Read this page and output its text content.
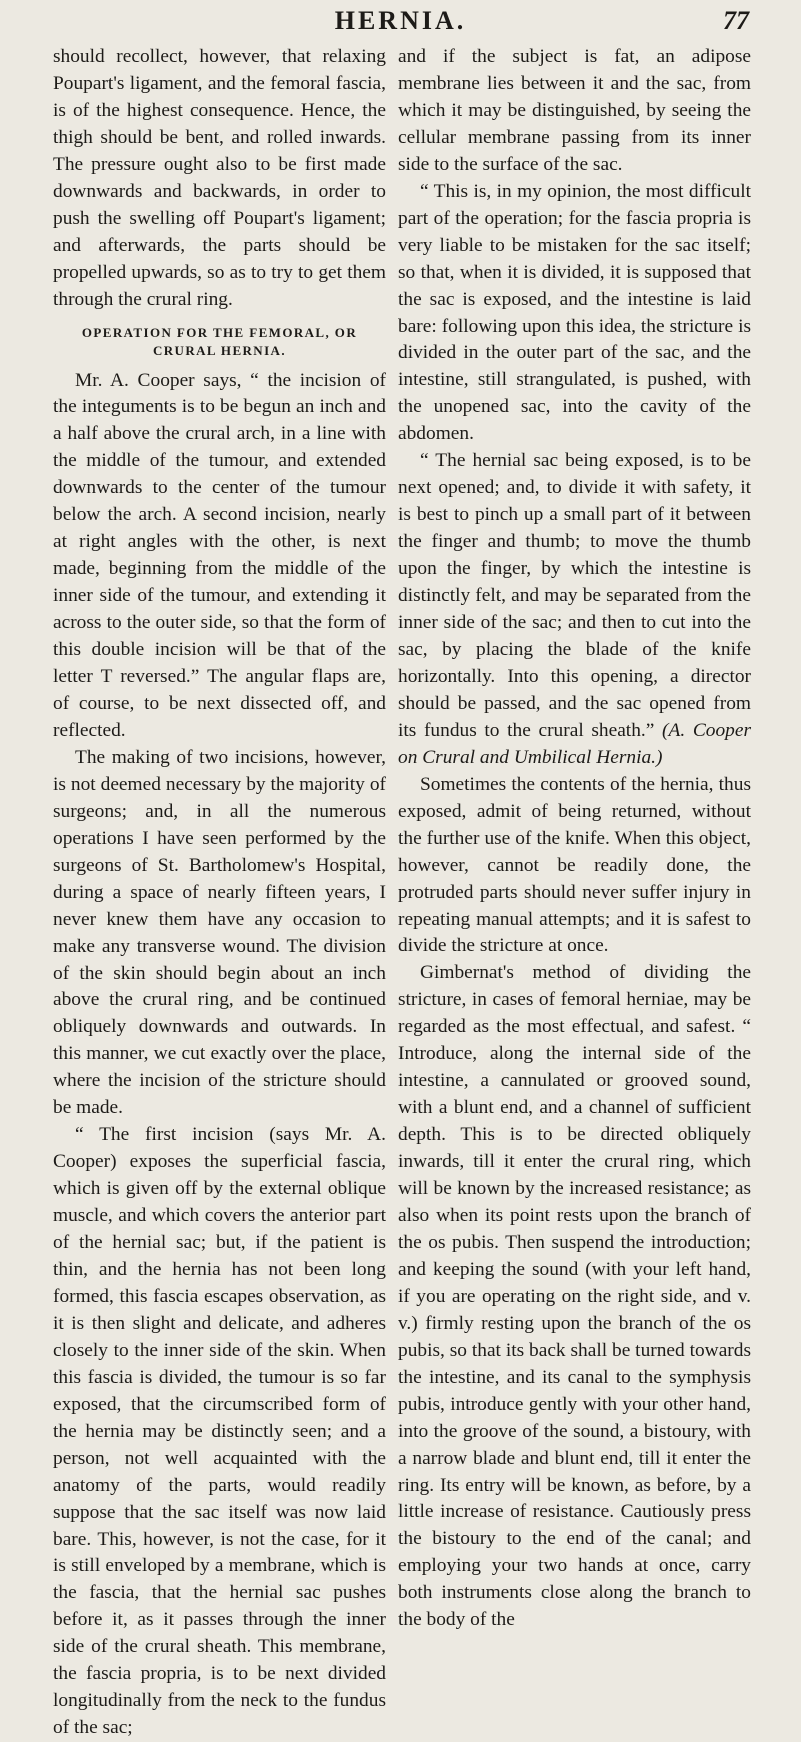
HERNIA.	77

should recollect, however, that relaxing Poupart's ligament, and the femoral fascia, is of the highest consequence. Hence, the thigh should be bent, and rolled inwards. The pressure ought also to be first made downwards and backwards, in order to push the swelling off Poupart's ligament; and afterwards, the parts should be propelled upwards, so as to try to get them through the crural ring.

OPERATION FOR THE FEMORAL, OR CRURAL HERNIA.

Mr. A. Cooper says, “ the incision of the integuments is to be begun an inch and a half above the crural arch, in a line with the middle of the tumour, and extended downwards to the center of the tumour below the arch. A second incision, nearly at right angles with the other, is next made, beginning from the middle of the inner side of the tumour, and extending it across to the outer side, so that the form of this double incision will be that of the letter T reversed.” The angular flaps are, of course, to be next dissected off, and reflected.

The making of two incisions, however, is not deemed necessary by the majority of surgeons; and, in all the numerous operations I have seen performed by the surgeons of St. Bartholomew's Hospital, during a space of nearly fifteen years, I never knew them have any occasion to make any transverse wound. The division of the skin should begin about an inch above the crural ring, and be continued obliquely downwards and outwards. In this manner, we cut exactly over the place, where the incision of the stricture should be made.

“ The first incision (says Mr. A. Cooper) exposes the superficial fascia, which is given off by the external oblique muscle, and which covers the anterior part of the hernial sac; but, if the patient is thin, and the hernia has not been long formed, this fascia escapes observation, as it is then slight and delicate, and adheres closely to the inner side of the skin. When this fascia is divided, the tumour is so far exposed, that the circumscribed form of the hernia may be distinctly seen; and a person, not well acquainted with the anatomy of the parts, would readily suppose that the sac itself was now laid bare. This, however, is not the case, for it is still enveloped by a membrane, which is the fascia, that the hernial sac pushes before it, as it passes through the inner side of the crural sheath. This membrane, the fascia propria, is to be next divided longitudinally from the neck to the fundus of the sac;

and if the subject is fat, an adipose membrane lies between it and the sac, from which it may be distinguished, by seeing the cellular membrane passing from its inner side to the surface of the sac.

“ This is, in my opinion, the most difficult part of the operation; for the fascia propria is very liable to be mistaken for the sac itself; so that, when it is divided, it is supposed that the sac is exposed, and the intestine is laid bare: following upon this idea, the stricture is divided in the outer part of the sac, and the intestine, still strangulated, is pushed, with the unopened sac, into the cavity of the abdomen.

“ The hernial sac being exposed, is to be next opened; and, to divide it with safety, it is best to pinch up a small part of it between the finger and thumb; to move the thumb upon the finger, by which the intestine is distinctly felt, and may be separated from the inner side of the sac; and then to cut into the sac, by placing the blade of the knife horizontally. Into this opening, a director should be passed, and the sac opened from its fundus to the crural sheath.” (A. Cooper on Crural and Umbilical Hernia.)

Sometimes the contents of the hernia, thus exposed, admit of being returned, without the further use of the knife. When this object, however, cannot be readily done, the protruded parts should never suffer injury in repeating manual attempts; and it is safest to divide the stricture at once.

Gimbernat's method of dividing the stricture, in cases of femoral herniae, may be regarded as the most effectual, and safest. “ Introduce, along the internal side of the intestine, a cannulated or grooved sound, with a blunt end, and a channel of sufficient depth. This is to be directed obliquely inwards, till it enter the crural ring, which will be known by the increased resistance; as also when its point rests upon the branch of the os pubis. Then suspend the introduction; and keeping the sound (with your left hand, if you are operating on the right side, and v. v.) firmly resting upon the branch of the os pubis, so that its back shall be turned towards the intestine, and its canal to the symphysis pubis, introduce gently with your other hand, into the groove of the sound, a bistoury, with a narrow blade and blunt end, till it enter the ring. Its entry will be known, as before, by a little increase of resistance. Cautiously press the bistoury to the end of the canal; and employing your two hands at once, carry both instruments close along the branch to the body of the
